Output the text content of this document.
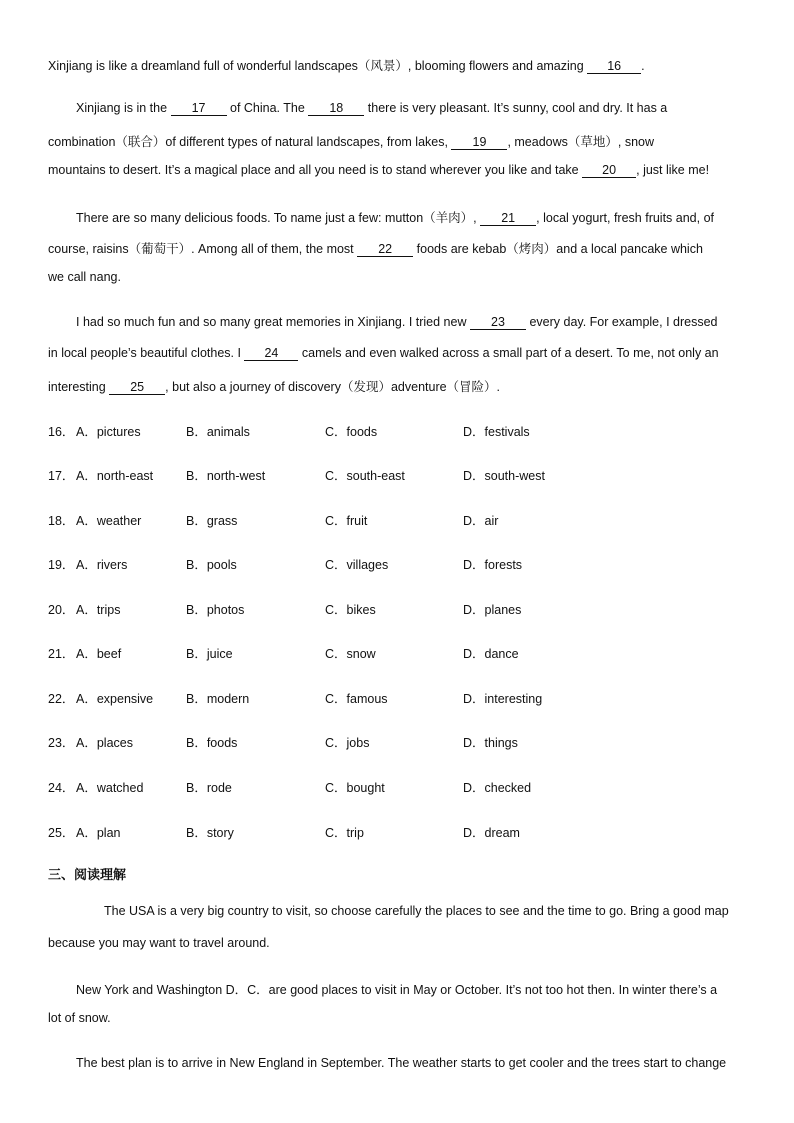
Xinjiang is like a dreamland full of wonderful landscapes（风景）, blooming flowers and amazing 16 .
Xinjiang is in the 17 of China. The 18 there is very pleasant. It’s sunny, cool and dry. It has a
combination（联合）of different types of natural landscapes, from lakes, 19 , meadows（草地）, snow
mountains to desert. It’s a magical place and all you need is to stand wherever you like and take 20 , just like me!
There are so many delicious foods. To name just a few: mutton（羊肉）, 21 , local yogurt, fresh fruits and, of
course, raisins（葡萄干）. Among all of them, the most 22 foods are kebab（烤肉）and a local pancake which
we call nang.
I had so much fun and so many great memories in Xinjiang. I tried new 23 every day. For example, I dressed
in local people’s beautiful clothes. I 24 camels and even walked across a small part of a desert. To me, not only an
interesting 25 , but also a journey of discovery（发现）adventure（冒险）.
16． A．pictures	B．animals	C．foods	D．festivals
17． A．north-east	B．north-west	C．south-east	D．south-west
18． A．weather	B．grass	C．fruit	D．air
19． A．rivers	B．pools	C．villages	D．forests
20． A．trips	B．photos	C．bikes	D．planes
21． A．beef	B．juice	C．snow	D．dance
22． A．expensive	B．modern	C．famous	D．interesting
23． A．places	B．foods	C．jobs	D．things
24． A．watched	B．rode	C．bought	D．checked
25． A．plan	B．story	C．trip	D．dream
三、阅读理解
The USA is a very big country to visit, so choose carefully the places to see and the time to go. Bring a good map
because you may want to travel around.
New York and Washington D．C．are good places to visit in May or October. It’s not too hot then. In winter there’s a
lot of snow.
The best plan is to arrive in New England in September. The weather starts to get cooler and the trees start to change
